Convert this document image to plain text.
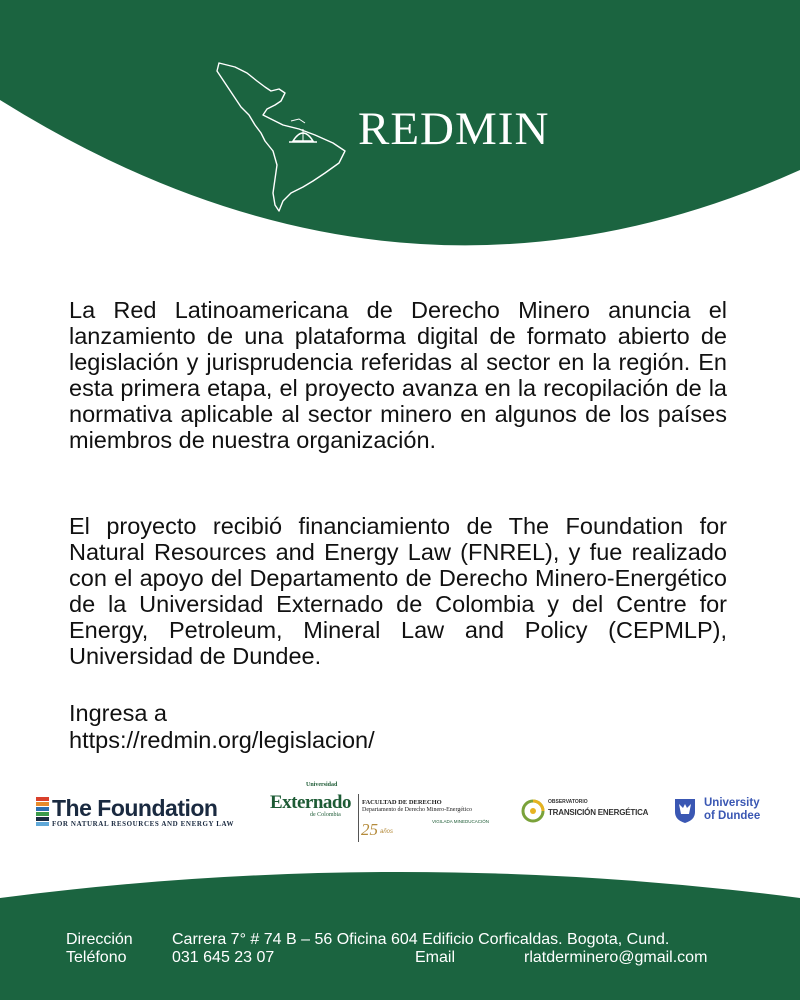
REDMIN

La Red Latinoamericana de Derecho Minero anuncia el lanzamiento de una plataforma digital de formato abierto de legislación y jurisprudencia referidas al sector en la región. En esta primera etapa, el proyecto avanza en la recopilación de la normativa aplicable al sector minero en algunos de los países miembros de nuestra organización.

El proyecto recibió financiamiento de The Foundation for Natural Resources and Energy Law (FNREL), y fue realizado con el apoyo del Departamento de Derecho Minero-Energético de la Universidad Externado de Colombia y del Centre for Energy, Petroleum, Mineral Law and Policy (CEPMLP), Universidad de Dundee.

Ingresa a
https://redmin.org/legislacion/
The Foundation
FOR NATURAL RESOURCES AND ENERGY LAW
Universidad
Externado
de Colombia
FACULTAD DE DERECHO
Departamento de Derecho Minero-Energético
25 años
VIGILADA MINEDUCACIÓN
OBSERVATORIO
TRANSICIÓN ENERGÉTICA
University
of Dundee
Dirección Carrera 7° # 74 B – 56 Oficina 604 Edificio Corficaldas. Bogota, Cund.
Teléfono	031 645 23 07	Email	rlatderminero@gmail.com
